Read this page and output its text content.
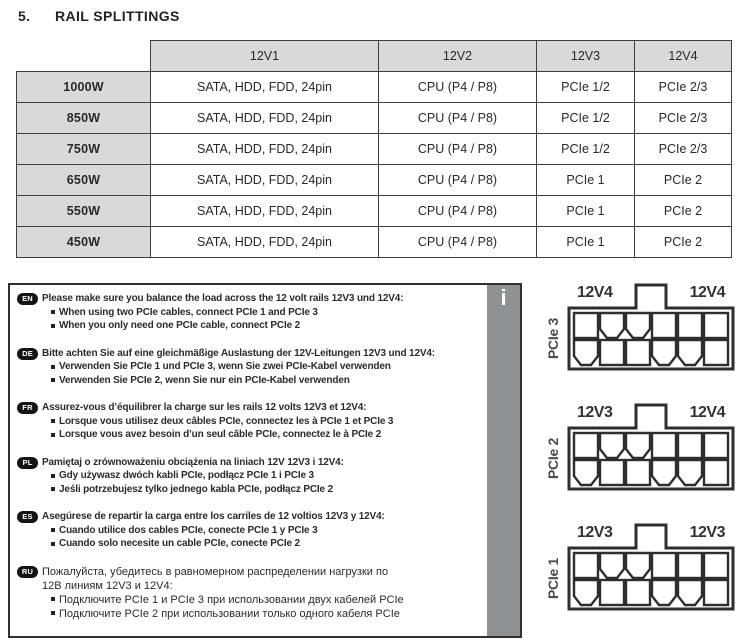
5.	RAIL SPLITTINGS
	12V1	12V2	12V3	12V4
1000W	SATA, HDD, FDD, 24pin	CPU (P4 / P8)	PCIe 1/2	PCIe 2/3
850W	SATA, HDD, FDD, 24pin	CPU (P4 / P8)	PCIe 1/2	PCIe 2/3
750W	SATA, HDD, FDD, 24pin	CPU (P4 / P8)	PCIe 1/2	PCIe 2/3
650W	SATA, HDD, FDD, 24pin	CPU (P4 / P8)	PCIe 1	PCIe 2
550W	SATA, HDD, FDD, 24pin	CPU (P4 / P8)	PCIe 1	PCIe 2
450W	SATA, HDD, FDD, 24pin	CPU (P4 / P8)	PCIe 1	PCIe 2
i
EN Please make sure you balance the load across the 12 volt rails 12V3 und 12V4:
When using two PCIe cables, connect PCIe 1 and PCIe 3
When you only need one PCIe cable, connect PCIe 2
DE Bitte achten Sie auf eine gleichmäßige Auslastung der 12V-Leitungen 12V3 und 12V4:
Verwenden Sie PCIe 1 und PCIe 3, wenn Sie zwei PCIe-Kabel verwenden
Verwenden Sie PCIe 2, wenn Sie nur ein PCIe-Kabel verwenden
FR Assurez-vous d’équilibrer la charge sur les rails 12 volts 12V3 et 12V4:
Lorsque vous utilisez deux câbles PCIe, connectez les à PCIe 1 et PCIe 3
Lorsque vous avez besoin d’un seul câble PCIe, connectez le à PCIe 2
PL Pamiętaj o zrównoważeniu obciążenia na liniach 12V 12V3 i 12V4:
Gdy używasz dwóch kabli PCIe, podłącz PCIe 1 i PCIe 3
Jeśli potrzebujesz tylko jednego kabla PCIe, podłącz PCIe 2
ES Asegúrese de repartir la carga entre los carriles de 12 voltios 12V3 y 12V4:
Cuando utilice dos cables PCIe, conecte PCIe 1 y PCIe 3
Cuando solo necesite un cable PCIe, conecte PCIe 2
RU Пожалуйста, убедитесь в равномерном распределении нагрузки по
12В линиям 12V3 и 12V4:
Подключите PCIe 1 и PCIe 3 при использовании двух кабелей PCIe
Подключите PCIe 2 при использовании только одного кабеля PCIe
12V4	12V4
PCIe 3
12V3	12V4
PCIe 2
12V3	12V3
PCIe 1
